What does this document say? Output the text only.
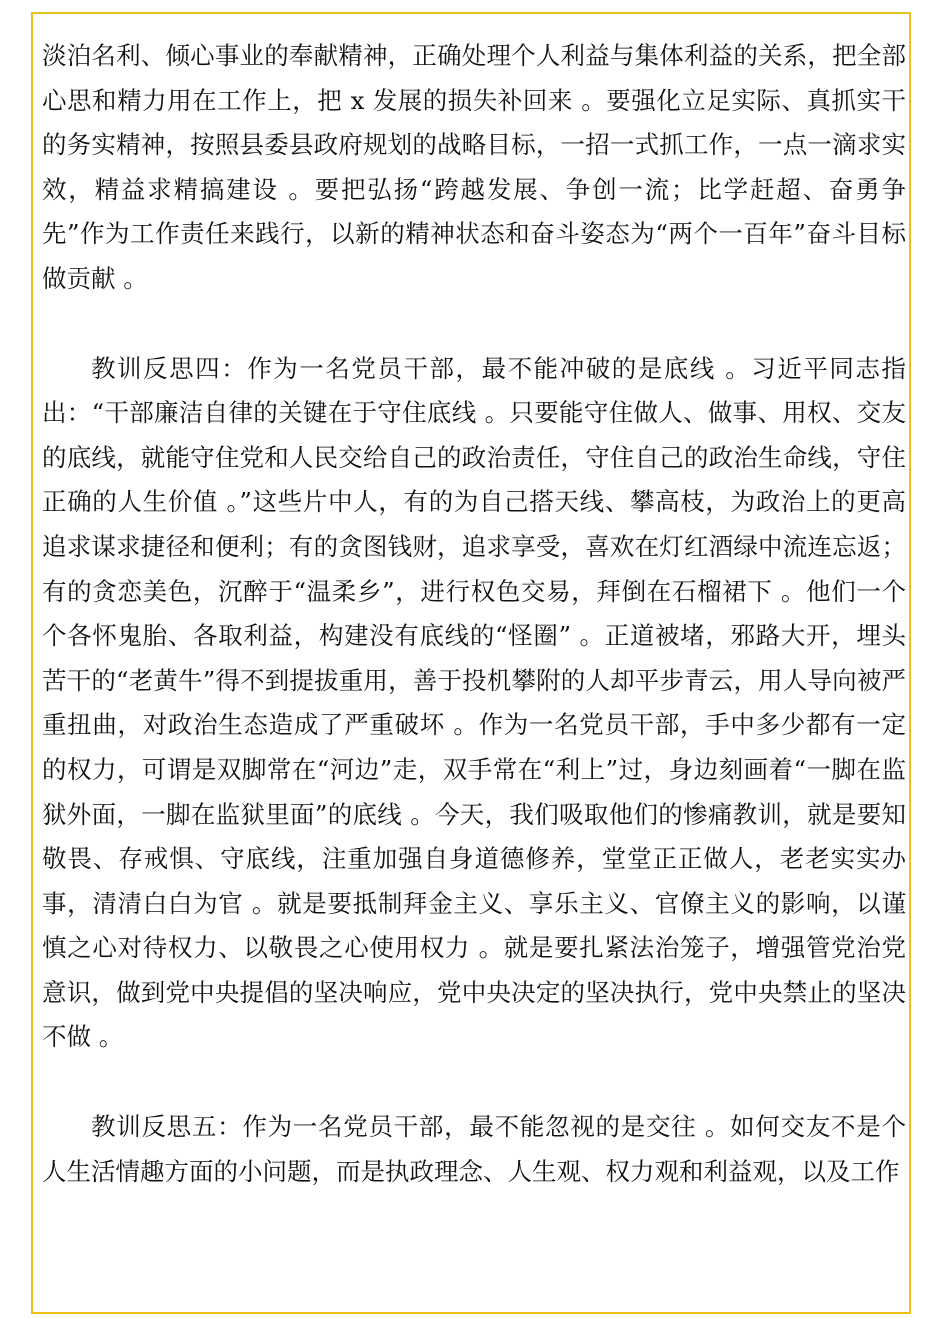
淡泊名利、倾心事业的奉献精神，正确处理个人利益与集体利益的关系，把全部心思和精力用在工作上，把 x 发展的损失补回来 。要强化立足实际、真抓实干的务实精神，按照县委县政府规划的战略目标，一招一式抓工作，一点一滴求实效，精益求精搞建设 。要把弘扬“跨越发展、争创一流；比学赶超、奋勇争先”作为工作责任来践行，以新的精神状态和奋斗姿态为“两个一百年”奋斗目标做贡献 。

教训反思四：作为一名党员干部，最不能冲破的是底线 。习近平同志指出：“干部廉洁自律的关键在于守住底线 。只要能守住做人、做事、用权、交友的底线，就能守住党和人民交给自己的政治责任，守住自己的政治生命线，守住正确的人生价值 。”这些片中人，有的为自己搭天线、攀高枝，为政治上的更高追求谋求捷径和便利；有的贪图钱财，追求享受，喜欢在灯红酒绿中流连忘返；有的贪恋美色，沉醉于“温柔乡”，进行权色交易，拜倒在石榴裙下 。他们一个个各怀鬼胎、各取利益，构建没有底线的“怪圈” 。正道被堵，邪路大开，埋头苦干的“老黄牛”得不到提拔重用，善于投机攀附的人却平步青云，用人导向被严重扭曲，对政治生态造成了严重破坏 。作为一名党员干部，手中多少都有一定的权力，可谓是双脚常在“河边”走，双手常在“利上”过，身边刻画着“一脚在监狱外面，一脚在监狱里面”的底线 。今天，我们吸取他们的惨痛教训，就是要知敬畏、存戒惧、守底线，注重加强自身道德修养，堂堂正正做人，老老实实办事，清清白白为官 。就是要抵制拜金主义、享乐主义、官僚主义的影响，以谨慎之心对待权力、以敬畏之心使用权力 。就是要扎紧法治笼子，增强管党治党意识，做到党中央提倡的坚决响应，党中央决定的坚决执行，党中央禁止的坚决不做 。

教训反思五：作为一名党员干部，最不能忽视的是交往 。如何交友不是个人生活情趣方面的小问题，而是执政理念、人生观、权力观和利益观，以及工作
